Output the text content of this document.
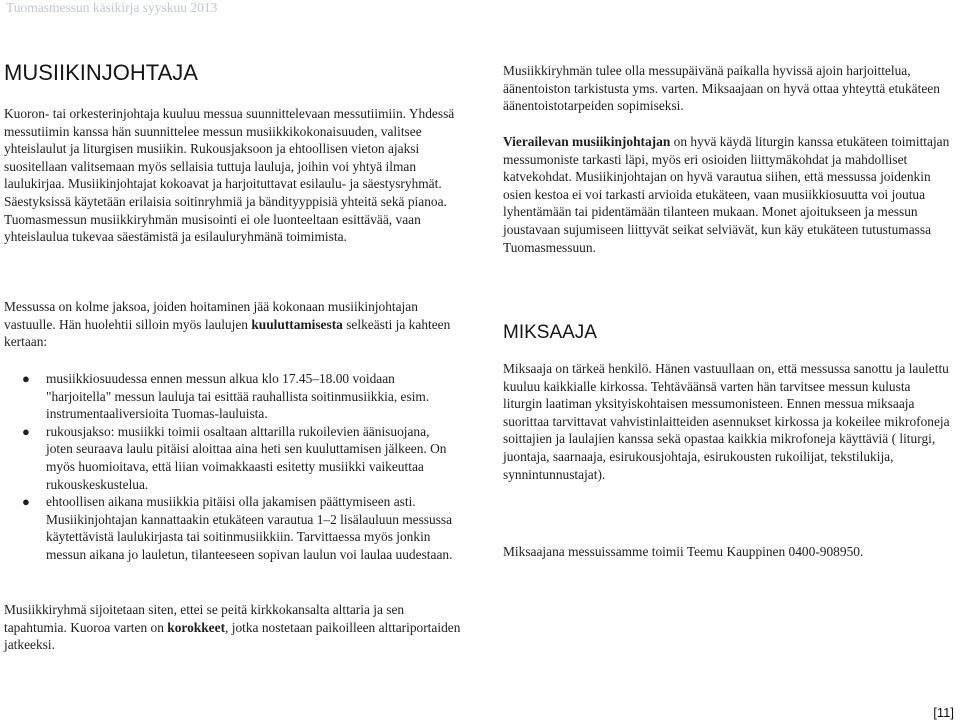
Tuomasmessun käsikirja syyskuu 2013
MUSIIKINJOHTAJA

Kuoron- tai orkesterinjohtaja kuuluu messua suunnittelevaan messutiimiin. Yhdessä messutiimin kanssa hän suunnittelee messun musiikkikokonaisuuden, valitsee yhteislaulut ja liturgisen musiikin. Rukousjaksoon ja ehtoollisen vieton ajaksi suositellaan valitsemaan myös sellaisia tuttuja lauluja, joihin voi yhtyä ilman laulukirjaa. Musiikinjohtajat kokoavat ja harjoituttavat esilaulu- ja säestysryhmät. Säestyksissä käytetään erilaisia soitinryhmiä ja bändityyppisiä yhteitä sekä pianoa. Tuomasmessun musiikkiryhmän musisointi ei ole luonteeltaan esittävää, vaan yhteislaulua tukevaa säestämistä ja esilauluryhmänä toimimista.

Messussa on kolme jaksoa, joiden hoitaminen jää kokonaan musiikinjohtajan vastuulle. Hän huolehtii silloin myös laulujen kuuluttamisesta selkeästi ja kahteen kertaan:

● musiikkiosuudessa ennen messun alkua klo 17.45–18.00 voidaan "harjoitella" messun lauluja tai esittää rauhallista soitinmusiikkia, esim. instrumentaaliversioita Tuomas-lauluista.
● rukousjakso: musiikki toimii osaltaan alttarilla rukoilevien äänisuojana, joten seuraava laulu pitäisi aloittaa aina heti sen kuuluttamisen jälkeen. On myös huomioitava, että liian voimakkaasti esitetty musiikki vaikeuttaa rukouskeskustelua.
● ehtoollisen aikana musiikkia pitäisi olla jakamisen päättymiseen asti. Musiikinjohtajan kannattaakin etukäteen varautua 1–2 lisälauluun messussa käytettävistä laulukirjasta tai soitinmusiikkiin. Tarvittaessa myös jonkin messun aikana jo lauletun, tilanteeseen sopivan laulun voi laulaa uudestaan.

Musiikkiryhmä sijoitetaan siten, ettei se peitä kirkkokansalta alttaria ja sen tapahtumia. Kuoroa varten on korokkeet, jotka nostetaan paikoilleen alttariportaiden jatkeeksi.

Musiikkiryhmän tulee olla messupäivänä paikalla hyvissä ajoin harjoittelua, äänentoiston tarkistusta yms. varten. Miksaajaan on hyvä ottaa yhteyttä etukäteen äänentoistotarpeiden sopimiseksi.

Vierailevan musiikinjohtajan on hyvä käydä liturgin kanssa etukäteen toimittajan messumoniste tarkasti läpi, myös eri osioiden liittymäkohdat ja mahdolliset katvekohdat. Musiikinjohtajan on hyvä varautua siihen, että messussa joidenkin osien kestoa ei voi tarkasti arvioida etukäteen, vaan musiikkiosuutta voi joutua lyhentämään tai pidentämään tilanteen mukaan. Monet ajoitukseen ja messun joustavaan sujumiseen liittyvät seikat selviävät, kun käy etukäteen tutustumassa Tuomasmessuun.

MIKSAAJA

Miksaaja on tärkeä henkilö. Hänen vastuullaan on, että messussa sanottu ja laulettu kuuluu kaikkialle kirkossa. Tehtäväänsä varten hän tarvitsee messun kulusta liturgin laatiman yksityiskohtaisen messumonisteen. Ennen messua miksaaja suorittaa tarvittavat vahvistinlaitteiden asennukset kirkossa ja kokeilee mikrofoneja soittajien ja laulajien kanssa sekä opastaa kaikkia mikrofoneja käyttäviä ( liturgi, juontaja, saarnaaja, esirukousjohtaja, esirukousten rukoilijat, tekstilukija, synnintunnustajat).

Miksaajana messuissamme toimii Teemu Kauppinen 0400-908950.

[11]
